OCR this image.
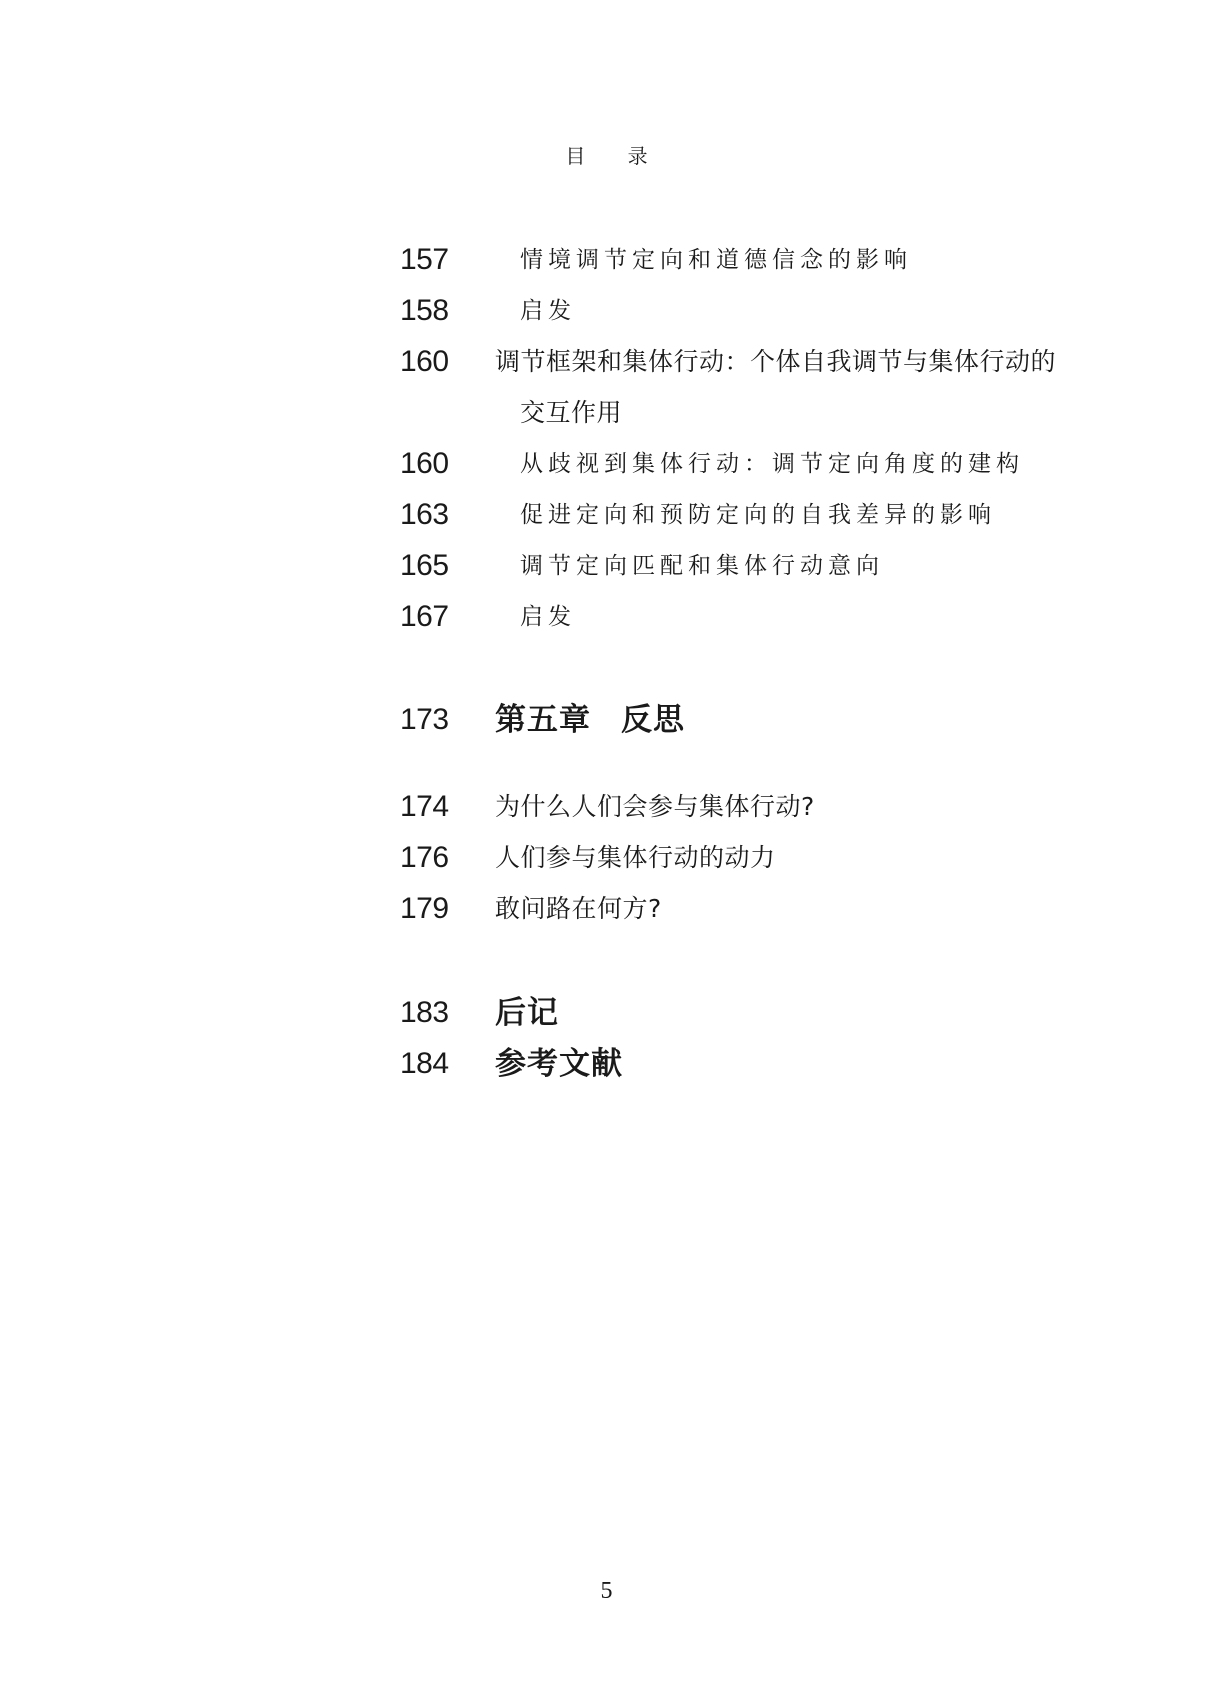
目 录
157	情境调节定向和道德信念的影响
158	启发
160	调节框架和集体行动：个体自我调节与集体行动的
交互作用
160	从歧视到集体行动：调节定向角度的建构
163	促进定向和预防定向的自我差异的影响
165	调节定向匹配和集体行动意向
167	启发
173	第五章 反思
174	为什么人们会参与集体行动?
176	人们参与集体行动的动力
179	敢问路在何方?
183	后记
184	参考文献
5
